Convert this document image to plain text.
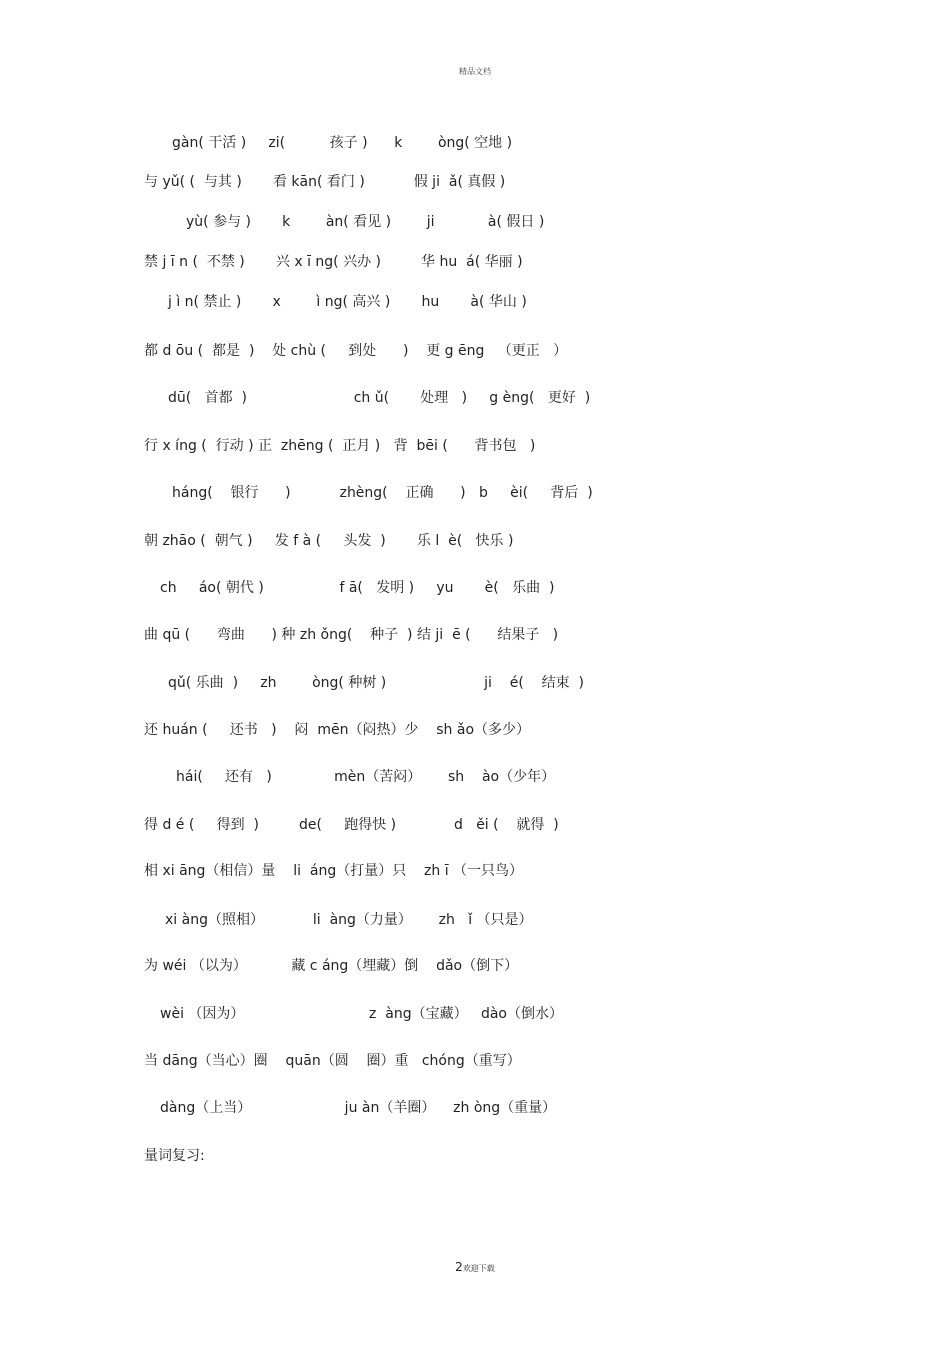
精品文档
gàn( 干活 )     zi(          孩子 )      k        òng( 空地 )
与 yǔ( (  与其 )       看 kān( 看门 )           假 ji  ǎ( 真假 )
yù( 参与 )       k        àn( 看见 )        ji            à( 假日 )
禁 j ī n (  不禁 )       兴 x ī ng( 兴办 )         华 hu  á( 华丽 )
j ì n( 禁止 )       x        ì ng( 高兴 )       hu       à( 华山 )
都 d ōu (  都是  )    处 chù (     到处      )    更 g ēng   （更正   ）
dū(   首都  )                        ch ǔ(       处理   )     g èng(   更好  )
行 x íng (  行动 ) 正  zhēng (  正月 )   背  bēi (      背书包   )
háng(    银行      )           zhèng(    正确      )   b     èi(     背后  )
朝 zhāo (  朝气 )     发 f à (     头发  )       乐 l  è(   快乐 )
ch     áo( 朝代 )                 f ā(   发明 )     yu       è(   乐曲  )
曲 qū (      弯曲      ) 种 zh ǒng(    种子  ) 结 ji  ē (      结果子   )
qǔ( 乐曲  )     zh        òng( 种树 )                      ji    é(    结束  )
还 huán (     还书   )    闷  mēn（闷热）少    sh ǎo（多少）
hái(     还有   )              mèn（苦闷）      sh    ào（少年）
得 d é (     得到  )         de(     跑得快 )             d   ěi (    就得  )
相 xi āng（相信）量    li  áng（打量）只    zh ī （一只鸟）
xi àng（照相）           li  àng（力量）      zh   ǐ （只是）
为 wéi （以为）          藏 c áng（埋藏）倒    dǎo（倒下）
wèi （因为）                            z  àng（宝藏）   dào（倒水）
当 dāng（当心）圈    quān（圆    圈）重   chóng（重写）
dàng（上当）                     ju àn（羊圈）    zh òng（重量）
量词复习:
2欢迎下载
